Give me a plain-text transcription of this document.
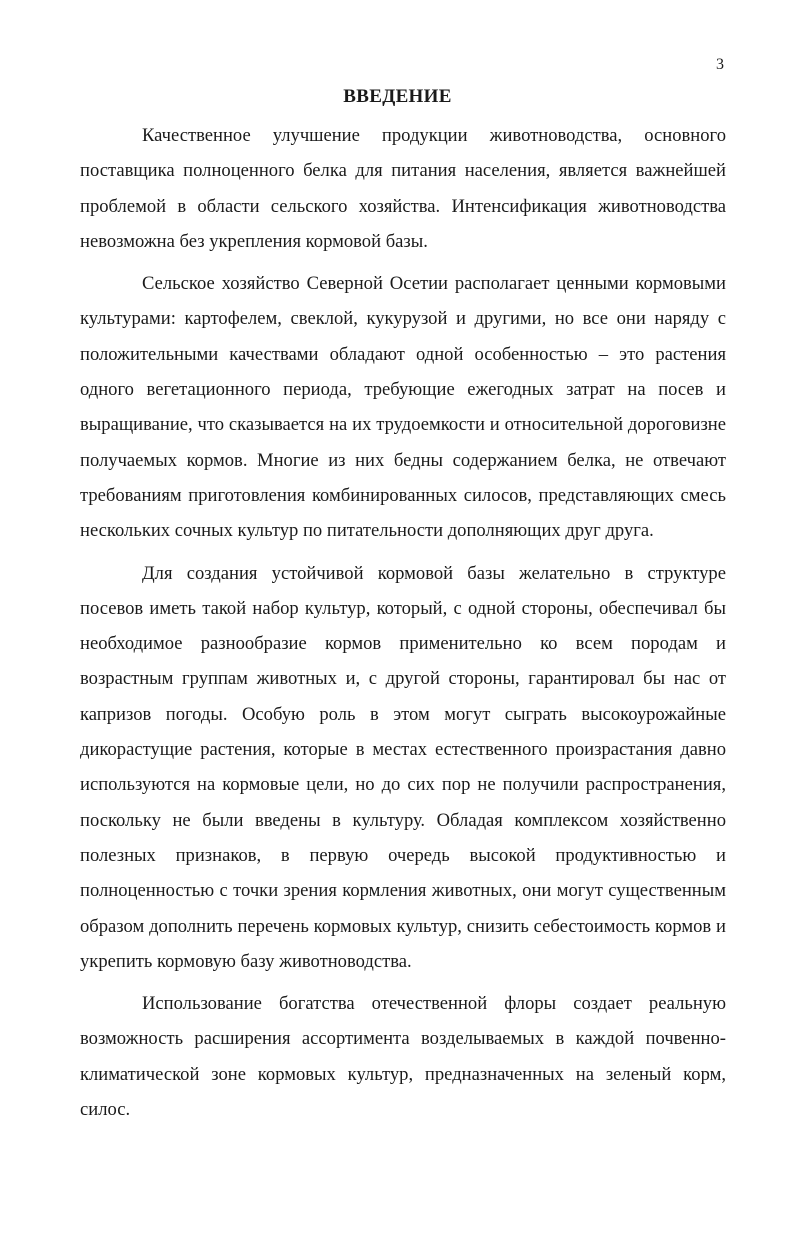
3
ВВЕДЕНИЕ

Качественное улучшение продукции животноводства, основного поставщика полноценного белка для питания населения, является важнейшей проблемой в области сельского хозяйства. Интенсификация животноводства невозможна без укрепления кормовой базы.

Сельское хозяйство Северной Осетии располагает ценными кормовыми культурами: картофелем, свеклой, кукурузой и другими, но все они наряду с положительными качествами обладают одной особенностью – это растения одного вегетационного периода, требующие ежегодных затрат на посев и выращивание, что сказывается на их трудоемкости и относительной дороговизне получаемых кормов. Многие из них бедны содержанием белка, не отвечают требованиям приготовления комбинированных силосов, представляющих смесь нескольких сочных культур по питательности дополняющих друг друга.

Для создания устойчивой кормовой базы желательно в структуре посевов иметь такой набор культур, который, с одной стороны, обеспечивал бы необходимое разнообразие кормов применительно ко всем породам и возрастным группам животных и, с другой стороны, гарантировал бы нас от капризов погоды. Особую роль в этом могут сыграть высокоурожайные дикорастущие растения, которые в местах естественного произрастания давно используются на кормовые цели, но до сих пор не получили распространения, поскольку не были введены в культуру. Обладая комплексом хозяйственно полезных признаков, в первую очередь высокой продуктивностью и полноценностью с точки зрения кормления животных, они могут существенным образом дополнить перечень кормовых культур, снизить себестоимость кормов и укрепить кормовую базу животноводства.

Использование богатства отечественной флоры создает реальную возможность расширения ассортимента возделываемых в каждой почвенно-климатической зоне кормовых культур, предназначенных на зеленый корм, силос.
